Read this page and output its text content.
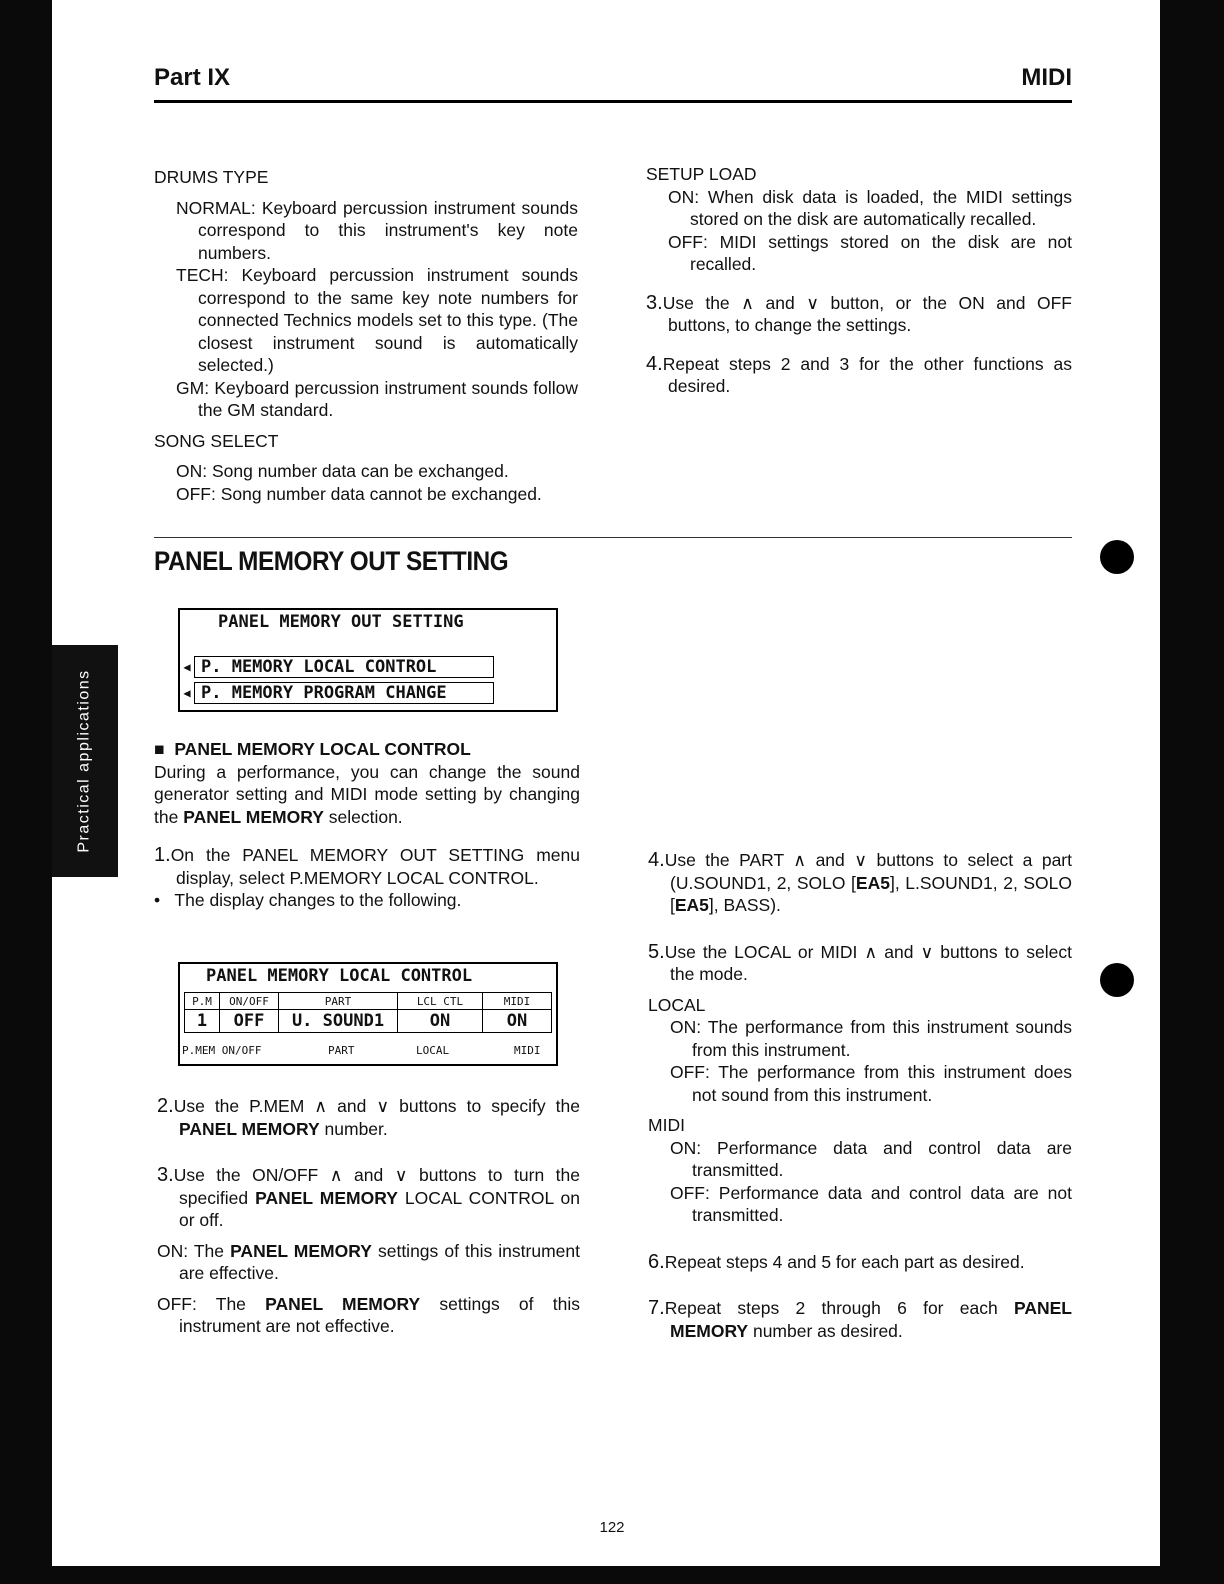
Practical applications
Part IX	MIDI

DRUMS TYPE

NORMAL: Keyboard percussion instrument sounds correspond to this instrument's key note numbers.

TECH: Keyboard percussion instrument sounds correspond to the same key note numbers for connected Technics models set to this type. (The closest instrument sound is automatically selected.)

GM: Keyboard percussion instrument sounds follow the GM standard.

SONG SELECT

ON: Song number data can be exchanged.

OFF: Song number data cannot be exchanged.

SETUP LOAD

ON: When disk data is loaded, the MIDI settings stored on the disk are automatically recalled.

OFF: MIDI settings stored on the disk are not recalled.

3.Use the ∧ and ∨ button, or the ON and OFF buttons, to change the settings.

4.Repeat steps 2 and 3 for the other functions as desired.

PANEL MEMORY OUT SETTING
PANEL MEMORY OUT SETTING
◀ P. MEMORY LOCAL CONTROL
◀ P. MEMORY PROGRAM CHANGE

■ PANEL MEMORY LOCAL CONTROL

During a performance, you can change the sound generator setting and MIDI mode setting by changing the PANEL MEMORY selection.

1.On the PANEL MEMORY OUT SETTING menu display, select P.MEMORY LOCAL CONTROL.

• The display changes to the following.

PANEL MEMORY LOCAL CONTROL
P.M	ON/OFF	PART	LCL CTL	MIDI
1	OFF	U. SOUND1	ON	ON
P.MEM ON/OFF	PART	LOCAL	MIDI

2.Use the P.MEM ∧ and ∨ buttons to specify the PANEL MEMORY number.

3.Use the ON/OFF ∧ and ∨ buttons to turn the specified PANEL MEMORY LOCAL CONTROL on or off.

ON: The PANEL MEMORY settings of this instrument are effective.

OFF: The PANEL MEMORY settings of this instrument are not effective.

4.Use the PART ∧ and ∨ buttons to select a part (U.SOUND1, 2, SOLO [EA5], L.SOUND1, 2, SOLO [EA5], BASS).

5.Use the LOCAL or MIDI ∧ and ∨ buttons to select the mode.

LOCAL

ON: The performance from this instrument sounds from this instrument.

OFF: The performance from this instrument does not sound from this instrument.

MIDI

ON: Performance data and control data are transmitted.

OFF: Performance data and control data are not transmitted.

6.Repeat steps 4 and 5 for each part as desired.

7.Repeat steps 2 through 6 for each PANEL MEMORY number as desired.

122
